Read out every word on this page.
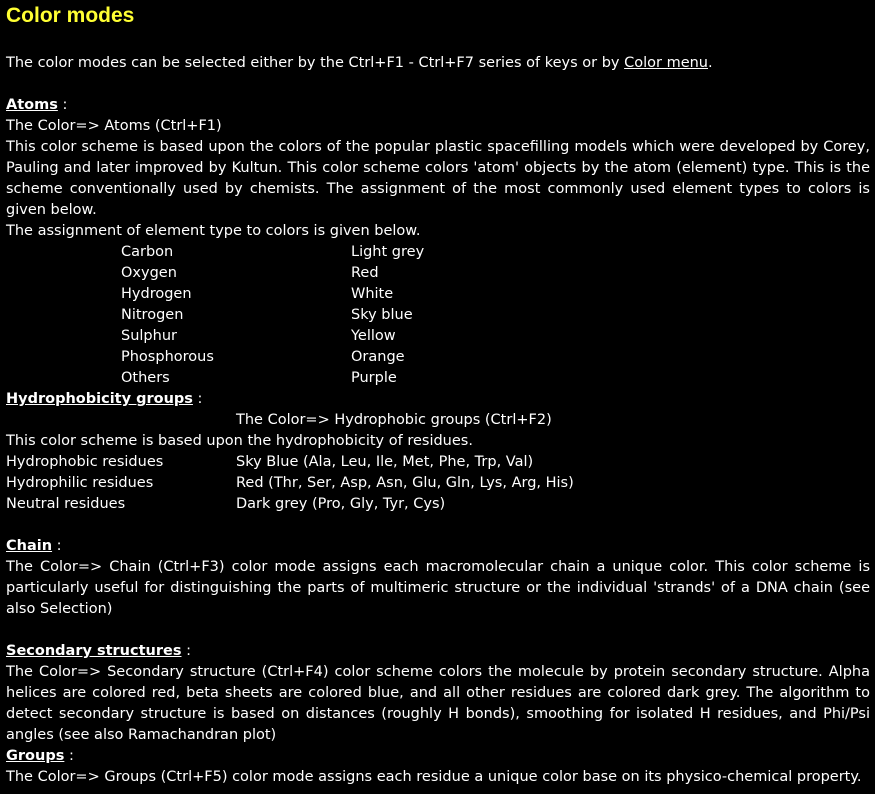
Color modes

The color modes can be selected either by the Ctrl+F1 - Ctrl+F7 series of keys or by Color menu.

Atoms :

The Color=> Atoms (Ctrl+F1)

This color scheme is based upon the colors of the popular plastic spacefilling models which were developed by Corey, Pauling and later improved by Kultun. This color scheme colors 'atom' objects by the atom (element) type. This is the scheme conventionally used by chemists. The assignment of the most commonly used element types to colors is given below.

The assignment of element type to colors is given below.

Carbon	Light grey
Oxygen	Red
Hydrogen	White
Nitrogen	Sky blue
Sulphur	Yellow
Phosphorous	Orange
Others	Purple
Hydrophobicity groups :

The Color=> Hydrophobic groups (Ctrl+F2)

This color scheme is based upon the hydrophobicity of residues.

Hydrophobic residues	Sky Blue (Ala, Leu, Ile, Met, Phe, Trp, Val)
Hydrophilic residues	Red (Thr, Ser, Asp, Asn, Glu, Gln, Lys, Arg, His)
Neutral residues	Dark grey (Pro, Gly, Tyr, Cys)
Chain :

The Color=> Chain (Ctrl+F3) color mode assigns each macromolecular chain a unique color. This color scheme is particularly useful for distinguishing the parts of multimeric structure or the individual 'strands' of a DNA chain (see also Selection)

Secondary structures :

The Color=> Secondary structure (Ctrl+F4) color scheme colors the molecule by protein secondary structure. Alpha helices are colored red, beta sheets are colored blue, and all other residues are colored dark grey. The algorithm to detect secondary structure is based on distances (roughly H bonds), smoothing for isolated H residues, and Phi/Psi angles (see also Ramachandran plot)

Groups :

The Color=> Groups (Ctrl+F5) color mode assigns each residue a unique color base on its physico-chemical property.
